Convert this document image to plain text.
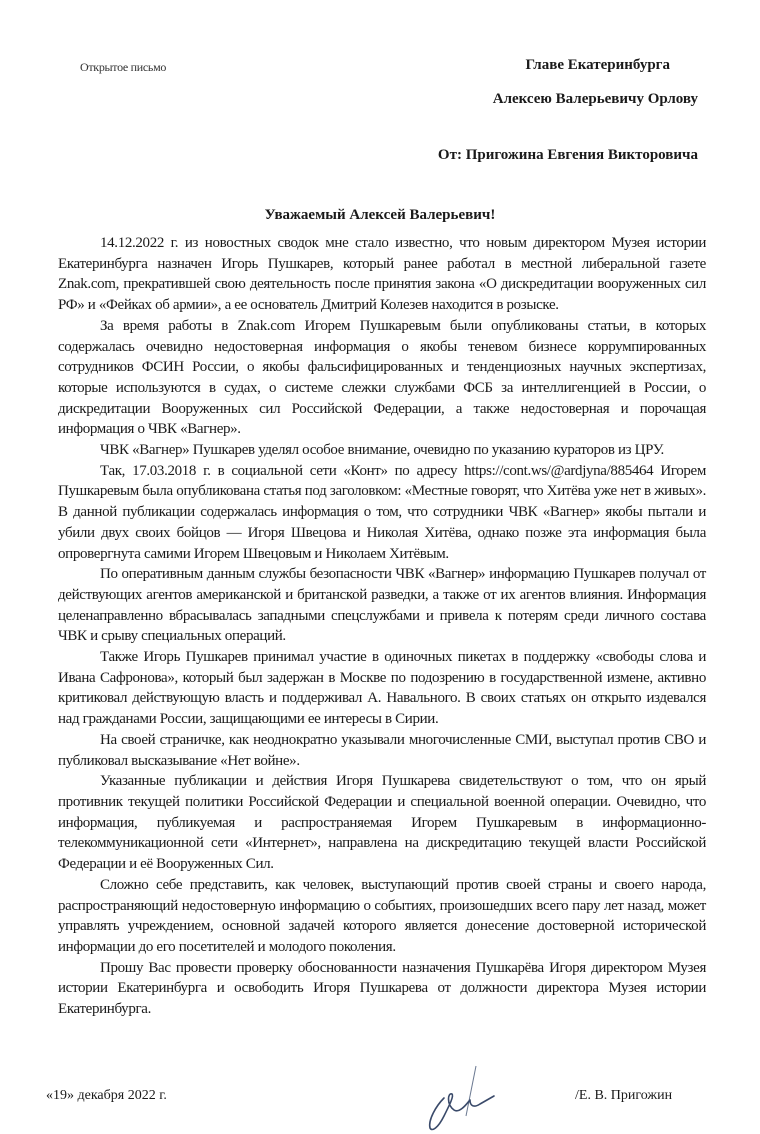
Открытое письмо	Главе Екатеринбурга
Алексею Валерьевичу Орлову
От: Пригожина Евгения Викторовича
Уважаемый Алексей Валерьевич!

14.12.2022 г. из новостных сводок мне стало известно, что новым директором Музея истории Екатеринбурга назначен Игорь Пушкарев, который ранее работал в местной либеральной газете Znak.com, прекратившей свою деятельность после принятия закона «О дискредитации вооруженных сил РФ» и «Фейках об армии», а ее основатель Дмитрий Колезев находится в розыске.

За время работы в Znak.com Игорем Пушкаревым были опубликованы статьи, в которых содержалась очевидно недостоверная информация о якобы теневом бизнесе коррумпированных сотрудников ФСИН России, о якобы фальсифицированных и тенденциозных научных экспертизах, которые используются в судах, о системе слежки службами ФСБ за интеллигенцией в России, о дискредитации Вооруженных сил Российской Федерации, а также недостоверная и порочащая информация о ЧВК «Вагнер».

ЧВК «Вагнер» Пушкарев уделял особое внимание, очевидно по указанию кураторов из ЦРУ.

Так, 17.03.2018 г. в социальной сети «Конт» по адресу https://cont.ws/@ardjyna/885464 Игорем Пушкаревым была опубликована статья под заголовком: «Местные говорят, что Хитёва уже нет в живых». В данной публикации содержалась информация о том, что сотрудники ЧВК «Вагнер» якобы пытали и убили двух своих бойцов — Игоря Швецова и Николая Хитёва, однако позже эта информация была опровергнута самими Игорем Швецовым и Николаем Хитёвым.

По оперативным данным службы безопасности ЧВК «Вагнер» информацию Пушкарев получал от действующих агентов американской и британской разведки, а также от их агентов влияния. Информация целенаправленно вбрасывалась западными спецслужбами и привела к потерям среди личного состава ЧВК и срыву специальных операций.

Также Игорь Пушкарев принимал участие в одиночных пикетах в поддержку «свободы слова и Ивана Сафронова», который был задержан в Москве по подозрению в государственной измене, активно критиковал действующую власть и поддерживал А. Навального. В своих статьях он открыто издевался над гражданами России, защищающими ее интересы в Сирии.

На своей страничке, как неоднократно указывали многочисленные СМИ, выступал против СВО и публиковал высказывание «Нет войне».

Указанные публикации и действия Игоря Пушкарева свидетельствуют о том, что он ярый противник текущей политики Российской Федерации и специальной военной операции. Очевидно, что информация, публикуемая и распространяемая Игорем Пушкаревым в информационно-телекоммуникационной сети «Интернет», направлена на дискредитацию текущей власти Российской Федерации и её Вооруженных Сил.

Сложно себе представить, как человек, выступающий против своей страны и своего народа, распространяющий недостоверную информацию о событиях, произошедших всего пару лет назад, может управлять учреждением, основной задачей которого является донесение достоверной исторической информации до его посетителей и молодого поколения.

Прошу Вас провести проверку обоснованности назначения Пушкарёва Игоря директором Музея истории Екатеринбурга и освободить Игоря Пушкарева от должности директора Музея истории Екатеринбурга.

«19» декабря 2022 г.	/Е. В. Пригожин
